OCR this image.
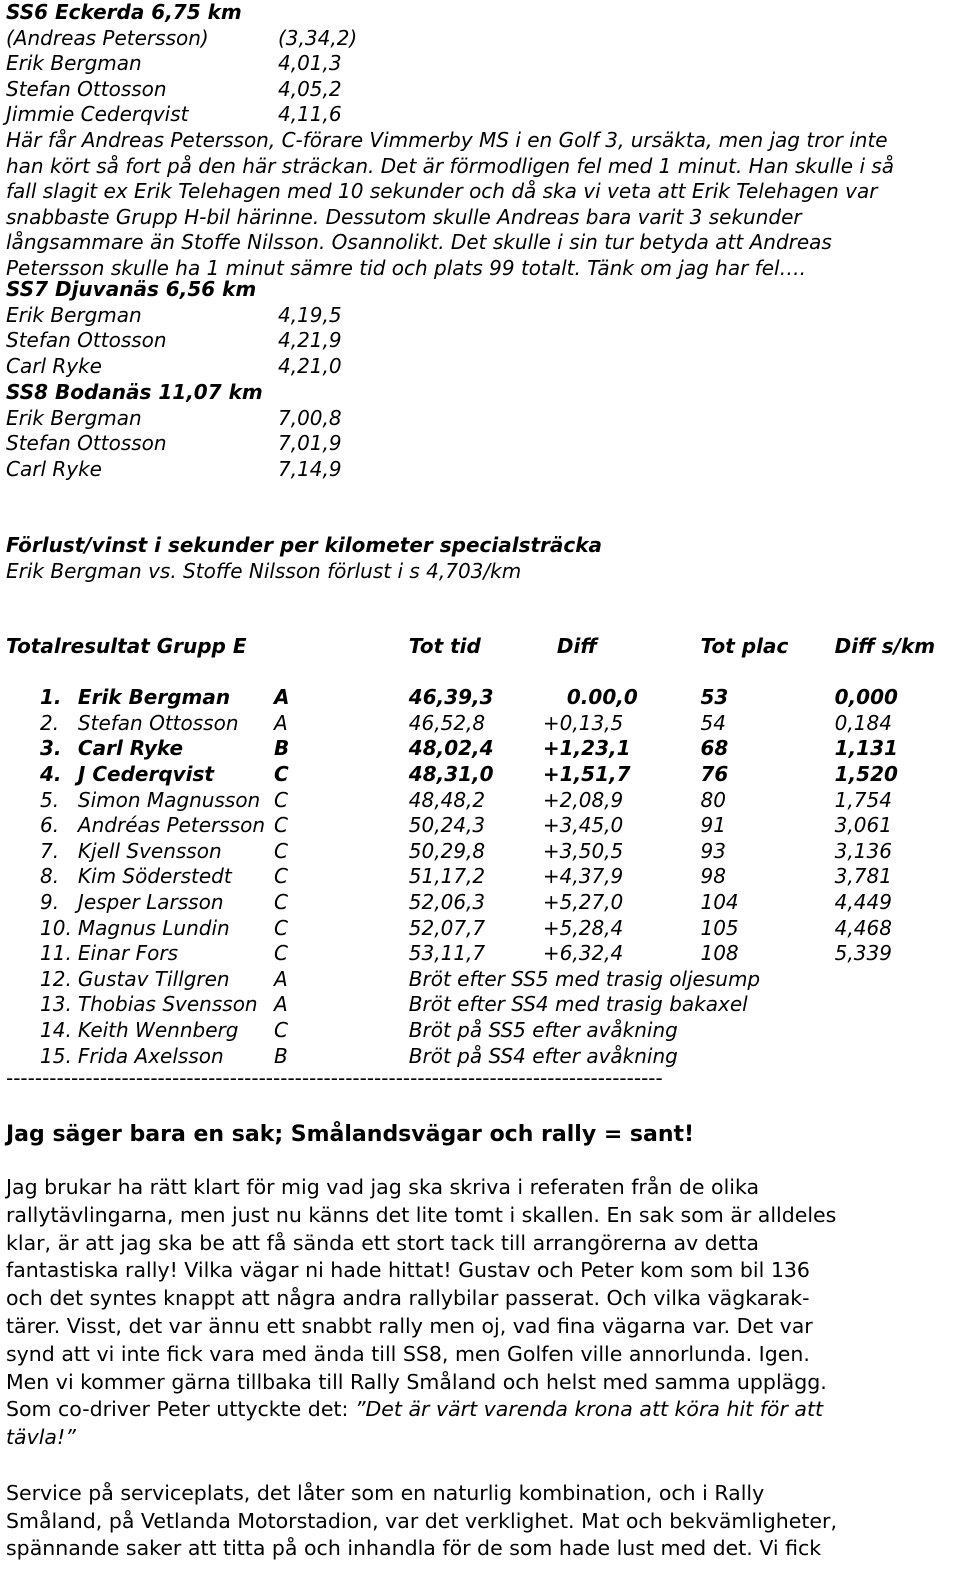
SS6 Eckerda 6,75 km
(Andreas Petersson)	(3,34,2)
Erik Bergman	4,01,3
Stefan Ottosson	4,05,2
Jimmie Cederqvist	4,11,6
Här får Andreas Petersson, C-förare Vimmerby MS i en Golf 3, ursäkta, men jag tror inte
han kört så fort på den här sträckan. Det är förmodligen fel med 1 minut. Han skulle i så
fall slagit ex Erik Telehagen med 10 sekunder och då ska vi veta att Erik Telehagen var
snabbaste Grupp H-bil härinne. Dessutom skulle Andreas bara varit 3 sekunder
långsammare än Stoffe Nilsson. Osannolikt. Det skulle i sin tur betyda att Andreas
Petersson skulle ha 1 minut sämre tid och plats 99 totalt. Tänk om jag har fel….
SS7 Djuvanäs 6,56 km
Erik Bergman	4,19,5
Stefan Ottosson	4,21,9
Carl Ryke	4,21,0
SS8 Bodanäs 11,07 km
Erik Bergman	7,00,8
Stefan Ottosson	7,01,9
Carl Ryke	7,14,9
Förlust/vinst i sekunder per kilometer specialsträcka
Erik Bergman vs. Stoffe Nilsson förlust i s 4,703/km
Totalresultat Grupp E			Tot tid	Diff	Tot plac	Diff s/km

1.	Erik Bergman	A	46,39,3	0.00,0	53	0,000
2.	Stefan Ottosson	A	46,52,8	+0,13,5	54	0,184
3.	Carl Ryke	B	48,02,4	+1,23,1	68	1,131
4.	J Cederqvist	C	48,31,0	+1,51,7	76	1,520
5.	Simon Magnusson	C	48,48,2	+2,08,9	80	1,754
6.	Andréas Petersson	C	50,24,3	+3,45,0	91	3,061
7.	Kjell Svensson	C	50,29,8	+3,50,5	93	3,136
8.	Kim Söderstedt	C	51,17,2	+4,37,9	98	3,781
9.	Jesper Larsson	C	52,06,3	+5,27,0	104	4,449
10.	Magnus Lundin	C	52,07,7	+5,28,4	105	4,468
11.	Einar Fors	C	53,11,7	+6,32,4	108	5,339
12.	Gustav Tillgren	A	Bröt efter SS5 med trasig oljesump			
13.	Thobias Svensson	A	Bröt efter SS4 med trasig bakaxel			
14.	Keith Wennberg	C	Bröt på SS5 efter avåkning			
15.	Frida Axelsson	B	Bröt på SS4 efter avåkning			
-------------------------------------------------------------------------------------------
Jag säger bara en sak; Smålandsvägar och rally = sant!
Jag brukar ha rätt klart för mig vad jag ska skriva i referaten från de olika
rallytävlingarna, men just nu känns det lite tomt i skallen. En sak som är alldeles
klar, är att jag ska be att få sända ett stort tack till arrangörerna av detta
fantastiska rally! Vilka vägar ni hade hittat! Gustav och Peter kom som bil 136
och det syntes knappt att några andra rallybilar passerat. Och vilka vägkarak-
tärer. Visst, det var ännu ett snabbt rally men oj, vad fina vägarna var. Det var
synd att vi inte fick vara med ända till SS8, men Golfen ville annorlunda. Igen.
Men vi kommer gärna tillbaka till Rally Småland och helst med samma upplägg.
Som co-driver Peter uttyckte det: ”Det är värt varenda krona att köra hit för att
tävla!”
Service på serviceplats, det låter som en naturlig kombination, och i Rally
Småland, på Vetlanda Motorstadion, var det verklighet. Mat och bekvämligheter,
spännande saker att titta på och inhandla för de som hade lust med det. Vi fick
